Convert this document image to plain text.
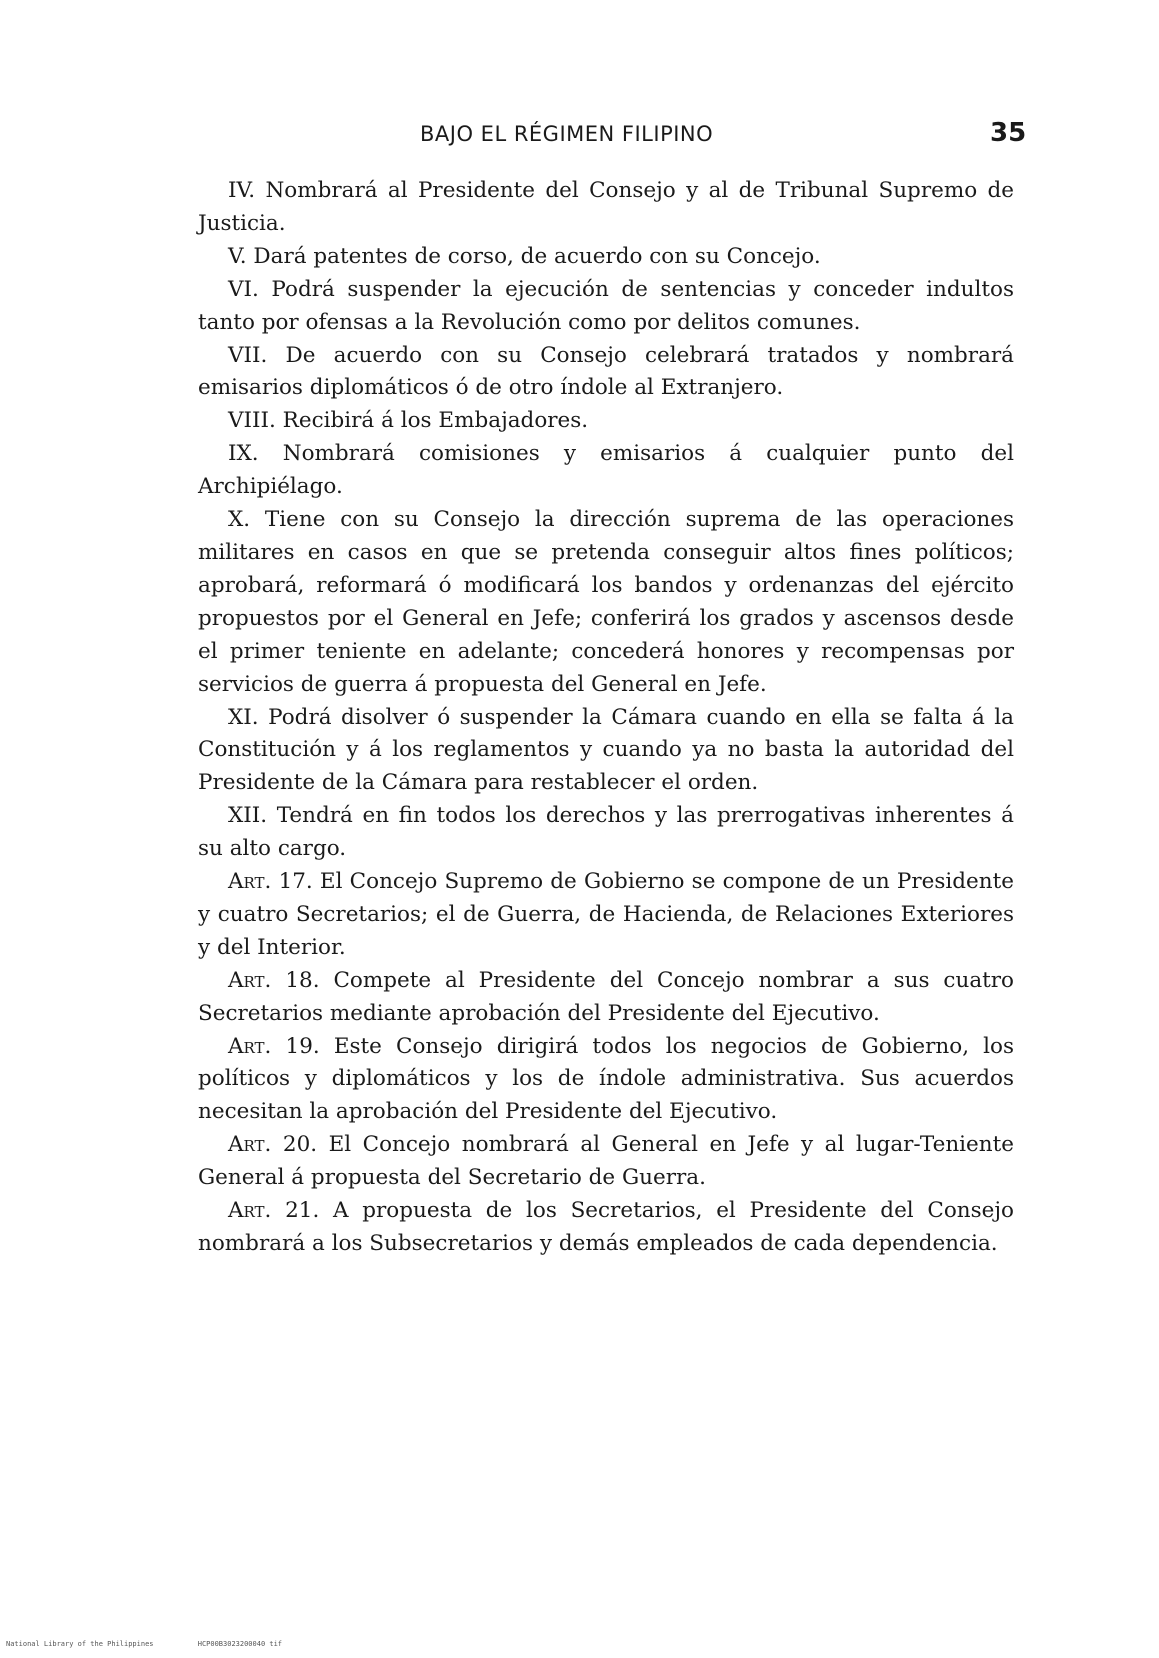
BAJO EL RÉGIMEN FILIPINO	35

IV. Nombrará al Presidente del Consejo y al de Tribunal Supremo de Justicia.

V. Dará patentes de corso, de acuerdo con su Concejo.

VI. Podrá suspender la ejecución de sentencias y conceder indultos tanto por ofensas a la Revolución como por delitos comunes.

VII. De acuerdo con su Consejo celebrará tratados y nombrará emisarios diplomáticos ó de otro índole al Extranjero.

VIII. Recibirá á los Embajadores.

IX. Nombrará comisiones y emisarios á cualquier punto del Archipiélago.

X. Tiene con su Consejo la dirección suprema de las operaciones militares en casos en que se pretenda conseguir altos fines políticos; aprobará, reformará ó modificará los bandos y ordenanzas del ejército propuestos por el General en Jefe; conferirá los grados y ascensos desde el primer teniente en adelante; concederá honores y recompensas por servicios de guerra á propuesta del General en Jefe.

XI. Podrá disolver ó suspender la Cámara cuando en ella se falta á la Constitución y á los reglamentos y cuando ya no basta la autoridad del Presidente de la Cámara para restablecer el orden.

XII. Tendrá en fin todos los derechos y las prerrogativas inherentes á su alto cargo.

Art. 17. El Concejo Supremo de Gobierno se compone de un Presidente y cuatro Secretarios; el de Guerra, de Hacienda, de Relaciones Exteriores y del Interior.

Art. 18. Compete al Presidente del Concejo nombrar a sus cuatro Secretarios mediante aprobación del Presidente del Ejecutivo.

Art. 19. Este Consejo dirigirá todos los negocios de Gobierno, los políticos y diplomáticos y los de índole administrativa. Sus acuerdos necesitan la aprobación del Presidente del Ejecutivo.

Art. 20. El Concejo nombrará al General en Jefe y al lugar-Teniente General á propuesta del Secretario de Guerra.

Art. 21. A propuesta de los Secretarios, el Presidente del Consejo nombrará a los Subsecretarios y demás empleados de cada dependencia.

National Library of the Philippines	HCP00B3023200040 tif
